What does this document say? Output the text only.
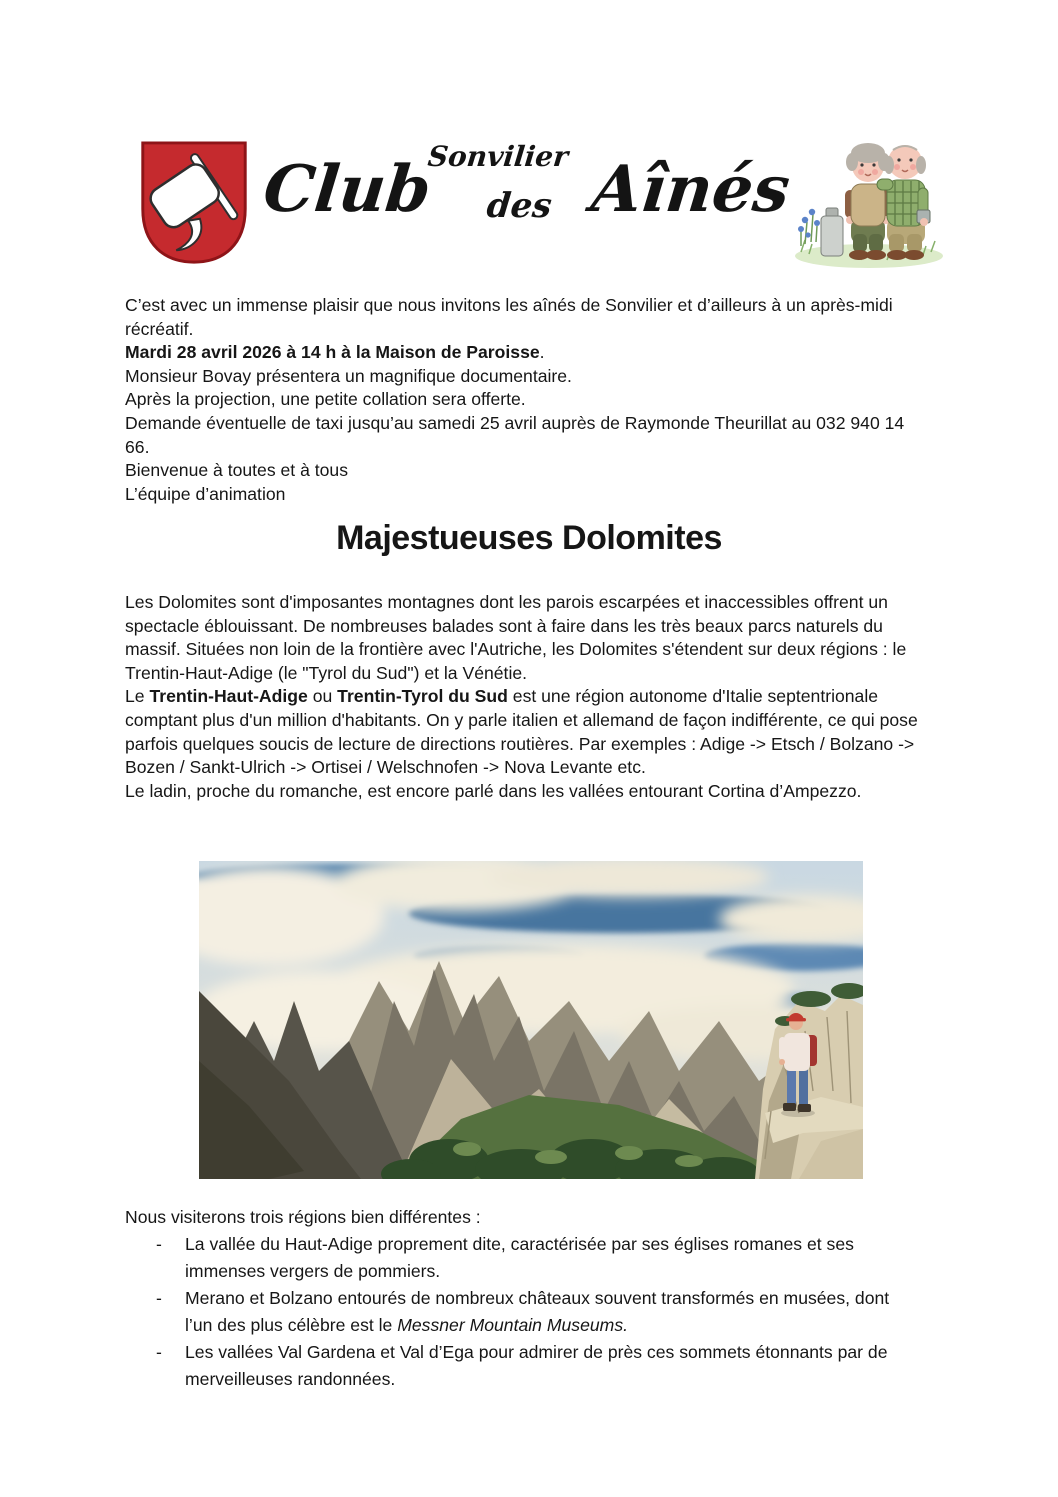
Sonvilier
Club des Aînés

C’est avec un immense plaisir que nous invitons les aînés de Sonvilier et d’ailleurs à un après-midi récréatif.

Mardi 28 avril 2026 à 14 h à la Maison de Paroisse.

Monsieur Bovay présentera un magnifique documentaire.

Après la projection, une petite collation sera offerte.

Demande éventuelle de taxi jusqu’au samedi 25 avril auprès de Raymonde Theurillat au 032 940 14 66.

Bienvenue à toutes et à tous

L’équipe d’animation

Majestueuses Dolomites

Les Dolomites sont d'imposantes montagnes dont les parois escarpées et inaccessibles offrent un spectacle éblouissant. De nombreuses balades sont à faire dans les très beaux parcs naturels du massif. Situées non loin de la frontière avec l'Autriche, les Dolomites s'étendent sur deux régions : le Trentin-Haut-Adige (le "Tyrol du Sud") et la Vénétie.

Le Trentin-Haut-Adige ou Trentin-Tyrol du Sud est une région autonome d'Italie septentrionale comptant plus d'un million d'habitants. On y parle italien et allemand de façon indifférente, ce qui pose parfois quelques soucis de lecture de directions routières. Par exemples : Adige -> Etsch / Bolzano -> Bozen / Sankt-Ulrich -> Ortisei / Welschnofen -> Nova Levante etc.

Le ladin, proche du romanche, est encore parlé dans les vallées entourant Cortina d’Ampezzo.

Nous visiterons trois régions bien différentes :

-	La vallée du Haut-Adige proprement dite, caractérisée par ses églises romanes et ses immenses vergers de pommiers.
-	Merano et Bolzano entourés de nombreux châteaux souvent transformés en musées, dont l’un des plus célèbre est le Messner Mountain Museums.
-	Les vallées Val Gardena et Val d’Ega pour admirer de près ces sommets étonnants par de merveilleuses randonnées.
